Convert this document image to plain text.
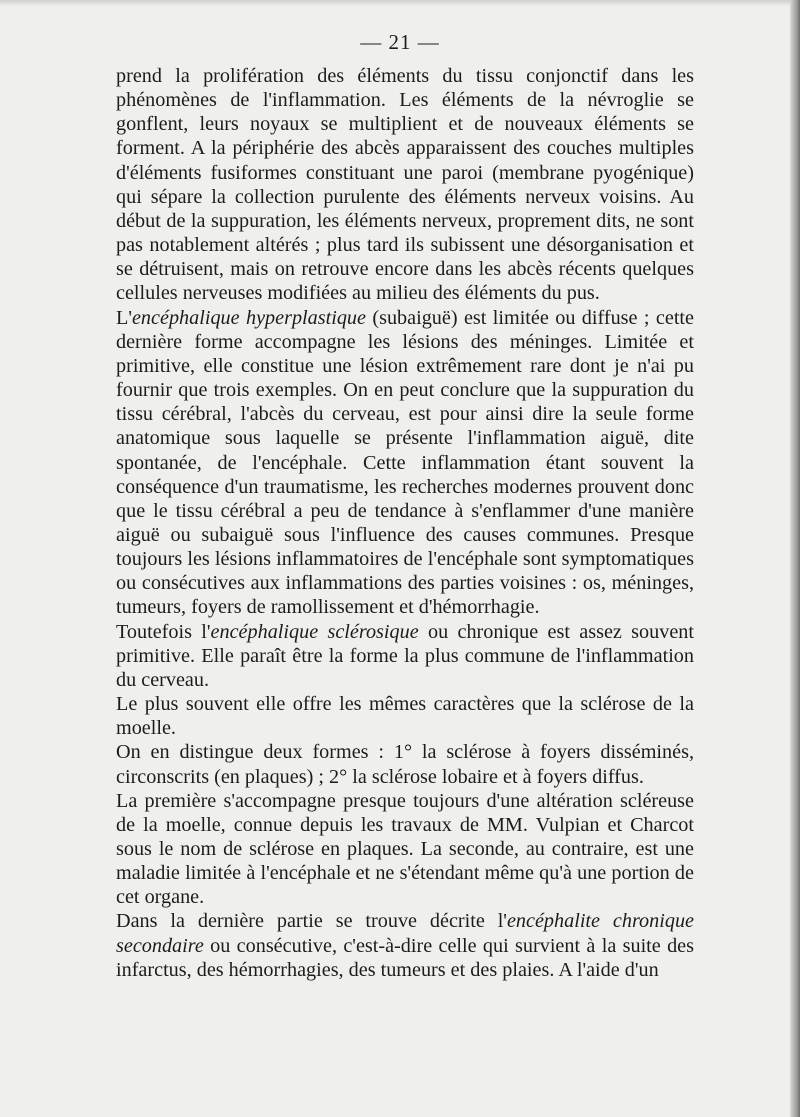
— 21 —

prend la prolifération des éléments du tissu conjonctif dans les phénomènes de l'inflammation. Les éléments de la névroglie se gonflent, leurs noyaux se multiplient et de nouveaux éléments se forment. A la périphérie des abcès apparaissent des couches multiples d'éléments fusiformes constituant une paroi (membrane pyogénique) qui sépare la collection purulente des éléments nerveux voisins. Au début de la suppuration, les éléments nerveux, proprement dits, ne sont pas notablement altérés ; plus tard ils subissent une désorganisation et se détruisent, mais on retrouve encore dans les abcès récents quelques cellules nerveuses modifiées au milieu des éléments du pus.

L'encéphalique hyperplastique (subaiguë) est limitée ou diffuse ; cette dernière forme accompagne les lésions des méninges. Limitée et primitive, elle constitue une lésion extrêmement rare dont je n'ai pu fournir que trois exemples. On en peut conclure que la suppuration du tissu cérébral, l'abcès du cerveau, est pour ainsi dire la seule forme anatomique sous laquelle se présente l'inflammation aiguë, dite spontanée, de l'encéphale. Cette inflammation étant souvent la conséquence d'un traumatisme, les recherches modernes prouvent donc que le tissu cérébral a peu de tendance à s'enflammer d'une manière aiguë ou subaiguë sous l'influence des causes communes. Presque toujours les lésions inflammatoires de l'encéphale sont symptomatiques ou consécutives aux inflammations des parties voisines : os, méninges, tumeurs, foyers de ramollissement et d'hémorrhagie.

Toutefois l'encéphalique sclérosique ou chronique est assez souvent primitive. Elle paraît être la forme la plus commune de l'inflammation du cerveau.

Le plus souvent elle offre les mêmes caractères que la sclérose de la moelle.

On en distingue deux formes : 1° la sclérose à foyers disséminés, circonscrits (en plaques) ; 2° la sclérose lobaire et à foyers diffus.

La première s'accompagne presque toujours d'une altération scléreuse de la moelle, connue depuis les travaux de MM. Vulpian et Charcot sous le nom de sclérose en plaques. La seconde, au contraire, est une maladie limitée à l'encéphale et ne s'étendant même qu'à une portion de cet organe.

Dans la dernière partie se trouve décrite l'encéphalite chronique secondaire ou consécutive, c'est-à-dire celle qui survient à la suite des infarctus, des hémorrhagies, des tumeurs et des plaies. A l'aide d'un
